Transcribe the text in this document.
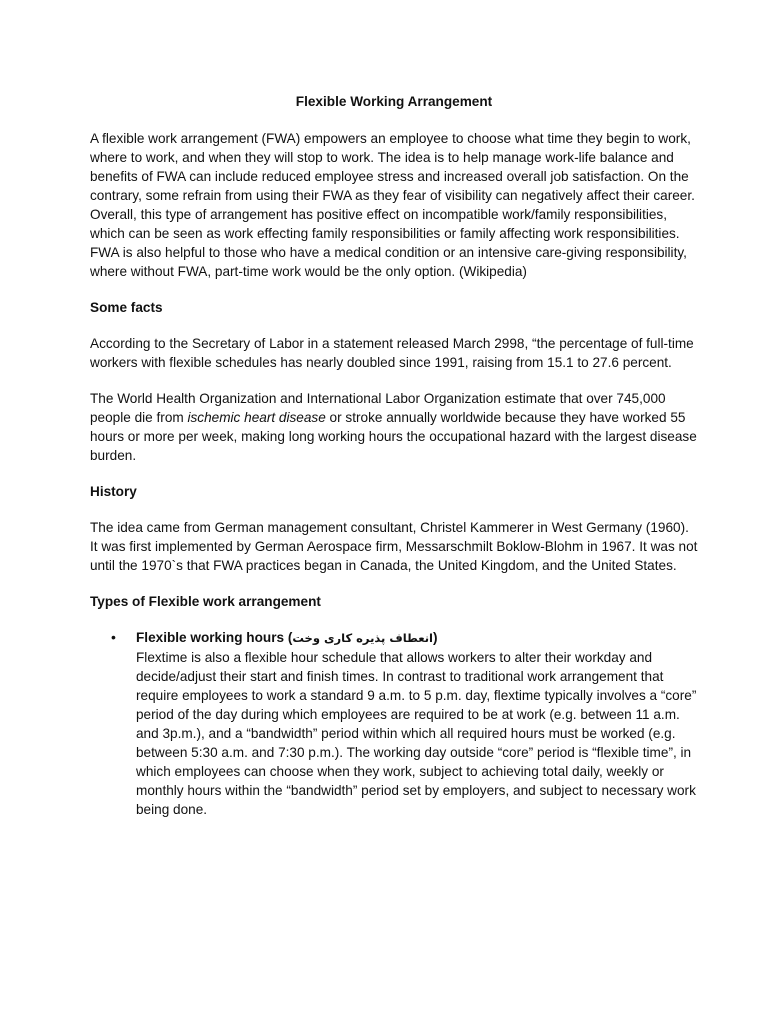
Flexible Working Arrangement

A flexible work arrangement (FWA) empowers an employee to choose what time they begin to work, where to work, and when they will stop to work. The idea is to help manage work-life balance and benefits of FWA can include reduced employee stress and increased overall job satisfaction. On the contrary, some refrain from using their FWA as they fear of visibility can negatively affect their career. Overall, this type of arrangement has positive effect on incompatible work/family responsibilities, which can be seen as work effecting family responsibilities or family affecting work responsibilities. FWA is also helpful to those who have a medical condition or an intensive care-giving responsibility, where without FWA, part-time work would be the only option. (Wikipedia)

Some facts

According to the Secretary of Labor in a statement released March 2998, “the percentage of full-time workers with flexible schedules has nearly doubled since 1991, raising from 15.1 to 27.6 percent.

The World Health Organization and International Labor Organization estimate that over 745,000 people die from ischemic heart disease or stroke annually worldwide because they have worked 55 hours or more per week, making long working hours the occupational hazard with the largest disease burden.

History

The idea came from German management consultant, Christel Kammerer in West Germany (1960). It was first implemented by German Aerospace firm, Messarschmilt Boklow-Blohm in 1967. It was not until the 1970`s that FWA practices began in Canada, the United Kingdom, and the United States.

Types of Flexible work arrangement
• Flexible working hours (انعطاف پذیره کاری وخت)
Flextime is also a flexible hour schedule that allows workers to alter their workday and decide/adjust their start and finish times. In contrast to traditional work arrangement that require employees to work a standard 9 a.m. to 5 p.m. day, flextime typically involves a “core” period of the day during which employees are required to be at work (e.g. between 11 a.m. and 3p.m.), and a “bandwidth” period within which all required hours must be worked (e.g. between 5:30 a.m. and 7:30 p.m.). The working day outside “core” period is “flexible time”, in which employees can choose when they work, subject to achieving total daily, weekly or monthly hours within the “bandwidth” period set by employers, and subject to necessary work being done.
